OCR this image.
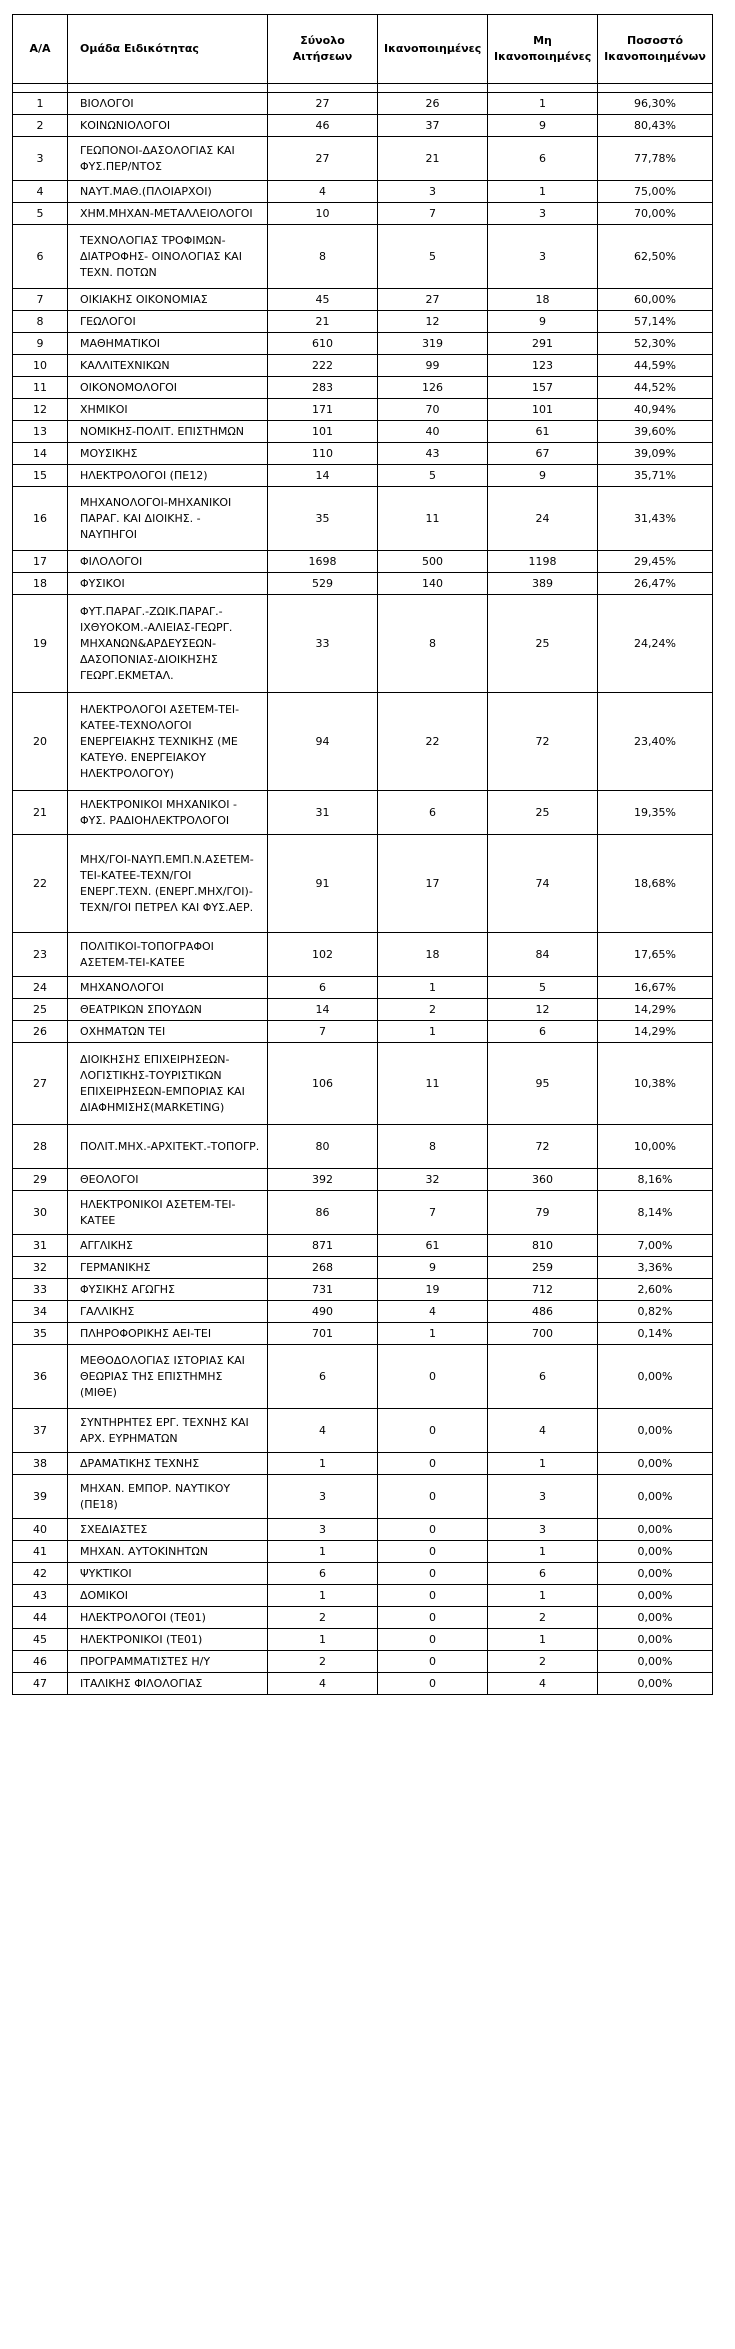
Α/Α	Ομάδα Ειδικότητας	Σύνολο Αιτήσεων	Ικανοποιημένες	Μη Ικανοποιημένες	Ποσοστό Ικανοποιημένων

1	ΒΙΟΛΟΓΟΙ	27	26	1	96,30%
2	ΚΟΙΝΩΝΙΟΛΟΓΟΙ	46	37	9	80,43%
3	ΓΕΩΠΟΝΟΙ-ΔΑΣΟΛΟΓΙΑΣ ΚΑΙ ΦΥΣ.ΠΕΡ/ΝΤΟΣ	27	21	6	77,78%
4	ΝΑΥΤ.ΜΑΘ.(ΠΛΟΙΑΡΧΟΙ)	4	3	1	75,00%
5	ΧΗΜ.ΜΗΧΑΝ-ΜΕΤΑΛΛΕΙΟΛΟΓΟΙ	10	7	3	70,00%
6	ΤΕΧΝΟΛΟΓΙΑΣ ΤΡΟΦΙΜΩΝ-ΔΙΑΤΡΟΦΗΣ- ΟΙΝΟΛΟΓΙΑΣ ΚΑΙ ΤΕΧΝ. ΠΟΤΩΝ	8	5	3	62,50%
7	ΟΙΚΙΑΚΗΣ ΟΙΚΟΝΟΜΙΑΣ	45	27	18	60,00%
8	ΓΕΩΛΟΓΟΙ	21	12	9	57,14%
9	ΜΑΘΗΜΑΤΙΚΟΙ	610	319	291	52,30%
10	ΚΑΛΛΙΤΕΧΝΙΚΩΝ	222	99	123	44,59%
11	ΟΙΚΟΝΟΜΟΛΟΓΟΙ	283	126	157	44,52%
12	ΧΗΜΙΚΟΙ	171	70	101	40,94%
13	ΝΟΜΙΚΗΣ-ΠΟΛΙΤ. ΕΠΙΣΤΗΜΩΝ	101	40	61	39,60%
14	ΜΟΥΣΙΚΗΣ	110	43	67	39,09%
15	ΗΛΕΚΤΡΟΛΟΓΟΙ (ΠΕ12)	14	5	9	35,71%
16	ΜΗΧΑΝΟΛΟΓΟΙ-ΜΗΧΑΝΙΚΟΙ ΠΑΡΑΓ. ΚΑΙ ΔΙΟΙΚΗΣ. - ΝΑΥΠΗΓΟΙ	35	11	24	31,43%
17	ΦΙΛΟΛΟΓΟΙ	1698	500	1198	29,45%
18	ΦΥΣΙΚΟΙ	529	140	389	26,47%
19	ΦΥΤ.ΠΑΡΑΓ.-ΖΩΙΚ.ΠΑΡΑΓ.-ΙΧΘΥΟΚΟΜ.-ΑΛΙΕΙΑΣ-ΓΕΩΡΓ. ΜΗΧΑΝΩΝ&ΑΡΔΕΥΣΕΩΝ-ΔΑΣΟΠΟΝΙΑΣ-ΔΙΟΙΚΗΣΗΣ ΓΕΩΡΓ.ΕΚΜΕΤΑΛ.	33	8	25	24,24%
20	ΗΛΕΚΤΡΟΛΟΓΟΙ ΑΣΕΤΕΜ-ΤΕΙ-ΚΑΤΕΕ-ΤΕΧΝΟΛΟΓΟΙ ΕΝΕΡΓΕΙΑΚΗΣ ΤΕΧΝΙΚΗΣ (ΜΕ ΚΑΤΕΥΘ. ΕΝΕΡΓΕΙΑΚΟΥ ΗΛΕΚΤΡΟΛΟΓΟΥ)	94	22	72	23,40%
21	ΗΛΕΚΤΡΟΝΙΚΟΙ ΜΗΧΑΝΙΚΟΙ - ΦΥΣ. ΡΑΔΙΟΗΛΕΚΤΡΟΛΟΓΟΙ	31	6	25	19,35%
22	ΜΗΧ/ΓΟΙ-ΝΑΥΠ.ΕΜΠ.Ν.ΑΣΕΤΕΜ-ΤΕΙ-ΚΑΤΕΕ-ΤΕΧΝ/ΓΟΙ ΕΝΕΡΓ.ΤΕΧΝ. (ΕΝΕΡΓ.ΜΗΧ/ΓΟΙ)-ΤΕΧΝ/ΓΟΙ ΠΕΤΡΕΛ ΚΑΙ ΦΥΣ.ΑΕΡ.	91	17	74	18,68%
23	ΠΟΛΙΤΙΚΟΙ-ΤΟΠΟΓΡΑΦΟΙ ΑΣΕΤΕΜ-ΤΕΙ-ΚΑΤΕΕ	102	18	84	17,65%
24	ΜΗΧΑΝΟΛΟΓΟΙ	6	1	5	16,67%
25	ΘΕΑΤΡΙΚΩΝ ΣΠΟΥΔΩΝ	14	2	12	14,29%
26	ΟΧΗΜΑΤΩΝ ΤΕΙ	7	1	6	14,29%
27	ΔΙΟΙΚΗΣΗΣ ΕΠΙΧΕΙΡΗΣΕΩΝ-ΛΟΓΙΣΤΙΚΗΣ-ΤΟΥΡΙΣΤΙΚΩΝ ΕΠΙΧΕΙΡΗΣΕΩΝ-ΕΜΠΟΡΙΑΣ ΚΑΙ ΔΙΑΦΗΜΙΣΗΣ(MARKETING)	106	11	95	10,38%
28	ΠΟΛΙΤ.ΜΗΧ.-ΑΡΧΙΤΕΚΤ.-ΤΟΠΟΓΡ.	80	8	72	10,00%
29	ΘΕΟΛΟΓΟΙ	392	32	360	8,16%
30	ΗΛΕΚΤΡΟΝΙΚΟΙ ΑΣΕΤΕΜ-ΤΕΙ-ΚΑΤΕΕ	86	7	79	8,14%
31	ΑΓΓΛΙΚΗΣ	871	61	810	7,00%
32	ΓΕΡΜΑΝΙΚΗΣ	268	9	259	3,36%
33	ΦΥΣΙΚΗΣ ΑΓΩΓΗΣ	731	19	712	2,60%
34	ΓΑΛΛΙΚΗΣ	490	4	486	0,82%
35	ΠΛΗΡΟΦΟΡΙΚΗΣ ΑΕΙ-ΤΕΙ	701	1	700	0,14%
36	ΜΕΘΟΔΟΛΟΓΙΑΣ ΙΣΤΟΡΙΑΣ ΚΑΙ ΘΕΩΡΙΑΣ ΤΗΣ ΕΠΙΣΤΗΜΗΣ (ΜΙΘΕ)	6	0	6	0,00%
37	ΣΥΝΤΗΡΗΤΕΣ ΕΡΓ. ΤΕΧΝΗΣ ΚΑΙ ΑΡΧ. ΕΥΡΗΜΑΤΩΝ	4	0	4	0,00%
38	ΔΡΑΜΑΤΙΚΗΣ ΤΕΧΝΗΣ	1	0	1	0,00%
39	ΜΗΧΑΝ. ΕΜΠΟΡ. ΝΑΥΤΙΚΟΥ (ΠΕ18)	3	0	3	0,00%
40	ΣΧΕΔΙΑΣΤΕΣ	3	0	3	0,00%
41	ΜΗΧΑΝ. ΑΥΤΟΚΙΝΗΤΩΝ	1	0	1	0,00%
42	ΨΥΚΤΙΚΟΙ	6	0	6	0,00%
43	ΔΟΜΙΚΟΙ	1	0	1	0,00%
44	ΗΛΕΚΤΡΟΛΟΓΟΙ (ΤΕ01)	2	0	2	0,00%
45	ΗΛΕΚΤΡΟΝΙΚΟΙ (ΤΕ01)	1	0	1	0,00%
46	ΠΡΟΓΡΑΜΜΑΤΙΣΤΕΣ Η/Υ	2	0	2	0,00%
47	ΙΤΑΛΙΚΗΣ ΦΙΛΟΛΟΓΙΑΣ	4	0	4	0,00%
